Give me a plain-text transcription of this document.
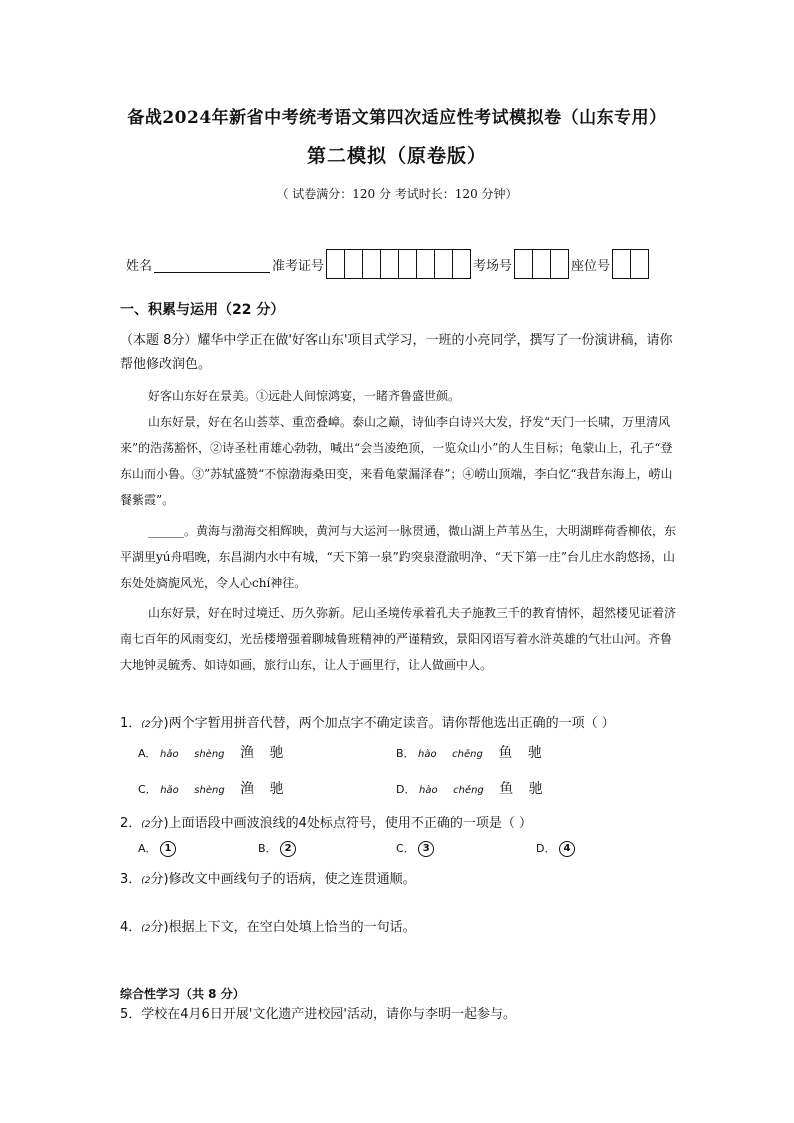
备战2024年新省中考统考语文第四次适应性考试模拟卷（山东专用）
第二模拟（原卷版）
（ 试卷满分：120 分 考试时长：120 分钟）
姓名	准考证号	考场号	座位号
一、积累与运用（22 分）
（本题 8分）耀华中学正在做'好客山东'项目式学习，一班的小亮同学，撰写了一份演讲稿，请你帮他修改润色。
好客山东好在景美。①远赴人间惊鸿宴，一睹齐鲁盛世颜。
山东好景，好在名山荟萃、重峦叠嶂。泰山之巅，诗仙李白诗兴大发，抒发“天门一长啸，万里清风来”的浩荡豁怀，②诗圣杜甫雄心勃勃，喊出“会当凌绝顶，一览众山小”的人生目标；龟蒙山上，孔子“登东山而小鲁。③”苏轼盛赞“不惊渤海桑田变，来看龟蒙漏泽春”；④崂山顶端，李白忆“我昔东海上，崂山餐紫霞”。
______。黄海与渤海交相辉映，黄河与大运河一脉贯通，微山湖上芦苇丛生，大明湖畔荷香柳依，东平湖里yú舟唱晚，东昌湖内水中有城，“天下第一泉”趵突泉澄澈明净、“天下第一庄”台儿庄水韵悠扬，山东处处旖旎风光，令人心chí神往。
山东好景，好在时过境迁、历久弥新。尼山圣境传承着孔夫子施教三千的教育情怀，超然楼见证着济南七百年的风雨变幻，光岳楼增强着聊城鲁班精神的严谨精致，景阳冈语写着水浒英雄的气壮山河。齐鲁大地钟灵毓秀、如诗如画，旅行山东，让人于画里行，让人做画中人。
1．(2分)两个字暂用拼音代替，两个加点字不确定读音。请你帮他选出正确的一项（ ）
A． hǎo shèng 渔 驰	B． hào chěng 鱼 驰
C． hǎo shèng 渔 驰	D． hào chěng 鱼 驰
2．(2分)上面语段中画波浪线的4处标点符号，使用不正确的一项是（ ）
A． 1	B． 2	C． 3	D． 4
3．(2分)修改文中画线句子的语病，使之连贯通顺。
4．(2分)根据上下文，在空白处填上恰当的一句话。
综合性学习（共 8 分）
5．学校在4月6日开展'文化遗产进校园'活动，请你与李明一起参与。
